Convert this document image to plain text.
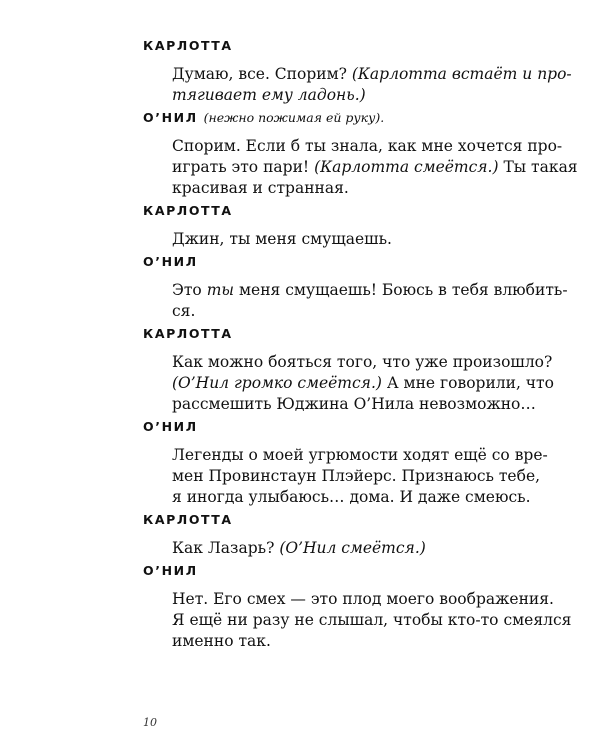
КАРЛОТТА
Думаю, все. Спорим? (Карлотта встаёт и про-
тягивает ему ладонь.)
О’НИЛ (нежно пожимая ей руку).
Спорим. Если б ты знала, как мне хочется про-
играть это пари! (Карлотта смеётся.) Ты такая
красивая и странная.
КАРЛОТТА
Джин, ты меня смущаешь.
О’НИЛ
Это ты меня смущаешь! Боюсь в тебя влюбить-
ся.
КАРЛОТТА
Как можно бояться того, что уже произошло?
(О’Нил громко смеётся.) А мне говорили, что
рассмешить Юджина О’Нила невозможно…
О’НИЛ
Легенды о моей угрюмости ходят ещё со вре-
мен Провинстаун Плэйерс. Признаюсь тебе,
я иногда улыбаюсь… дома. И даже смеюсь.
КАРЛОТТА
Как Лазарь? (О’Нил смеётся.)
О’НИЛ
Нет. Его смех — это плод моего воображения.
Я ещё ни разу не слышал, чтобы кто-то смеялся
именно так.
10
